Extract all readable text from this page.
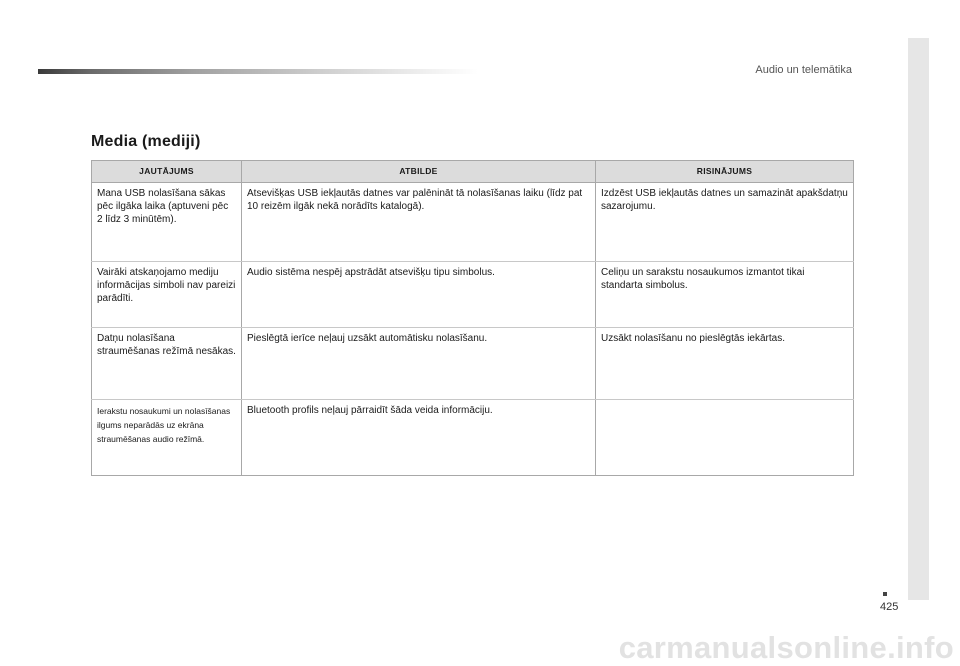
Audio un telemātika
Media (mediji)
JAUTĀJUMS	ATBILDE	RISINĀJUMS
Mana USB nolasīšana sākas pēc ilgāka laika (aptuveni pēc 2 līdz 3 minūtēm).	Atsevišķas USB iekļautās datnes var palēnināt tā nolasīšanas laiku (līdz pat 10 reizēm ilgāk nekā norādīts katalogā).	Izdzēst USB iekļautās datnes un samazināt apakšdatņu sazarojumu.
Vairāki atskaņojamo mediju informācijas simboli nav pareizi parādīti.	Audio sistēma nespēj apstrādāt atsevišķu tipu simbolus.	Celiņu un sarakstu nosaukumos izmantot tikai standarta simbolus.
Datņu nolasīšana straumēšanas režīmā nesākas.	Pieslēgtā ierīce neļauj uzsākt automātisku nolasīšanu.	Uzsākt nolasīšanu no pieslēgtās iekārtas.
Ierakstu nosaukumi un nolasīšanas ilgums neparādās uz ekrāna straumēšanas audio režīmā.	Bluetooth profils neļauj pārraidīt šāda veida informāciju.	
425
carmanualsonline.info
